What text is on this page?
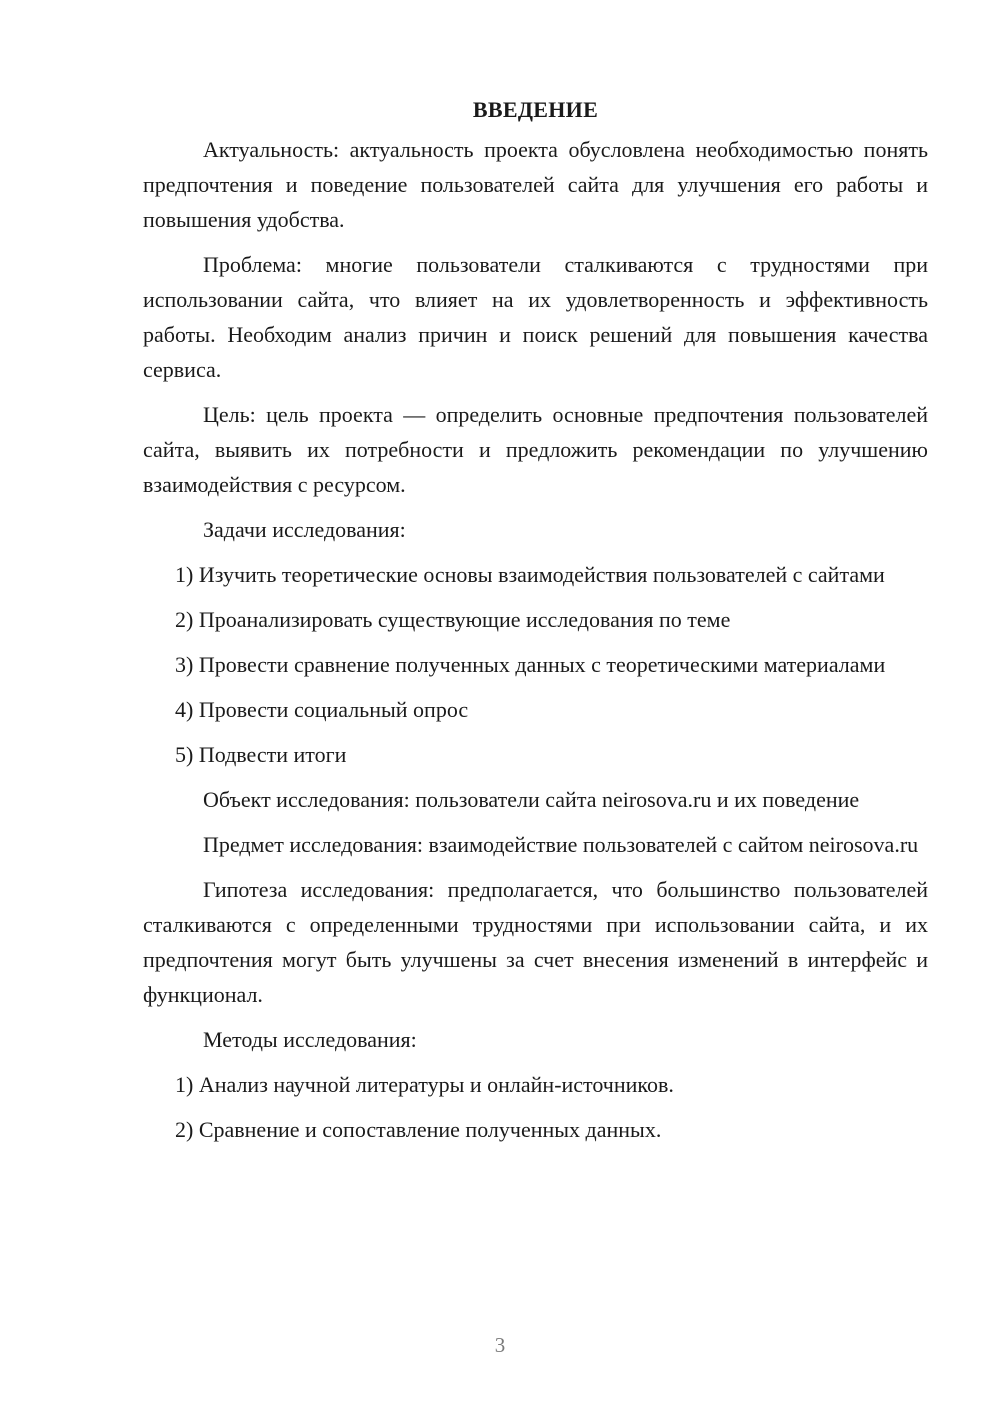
ВВЕДЕНИЕ

Актуальность: актуальность проекта обусловлена необходимостью понять предпочтения и поведение пользователей сайта для улучшения его работы и повышения удобства.

Проблема: многие пользователи сталкиваются с трудностями при использовании сайта, что влияет на их удовлетворенность и эффективность работы. Необходим анализ причин и поиск решений для повышения качества сервиса.

Цель: цель проекта — определить основные предпочтения пользователей сайта, выявить их потребности и предложить рекомендации по улучшению взаимодействия с ресурсом.

Задачи исследования:

1) Изучить теоретические основы взаимодействия пользователей с сайтами

2) Проанализировать существующие исследования по теме

3) Провести сравнение полученных данных с теоретическими материалами

4) Провести социальный опрос

5) Подвести итоги

Объект исследования: пользователи сайта neirosova.ru и их поведение

Предмет исследования: взаимодействие пользователей с сайтом neirosova.ru

Гипотеза исследования: предполагается, что большинство пользователей сталкиваются с определенными трудностями при использовании сайта, и их предпочтения могут быть улучшены за счет внесения изменений в интерфейс и функционал.

Методы исследования:

1) Анализ научной литературы и онлайн-источников.

2) Сравнение и сопоставление полученных данных.

3
